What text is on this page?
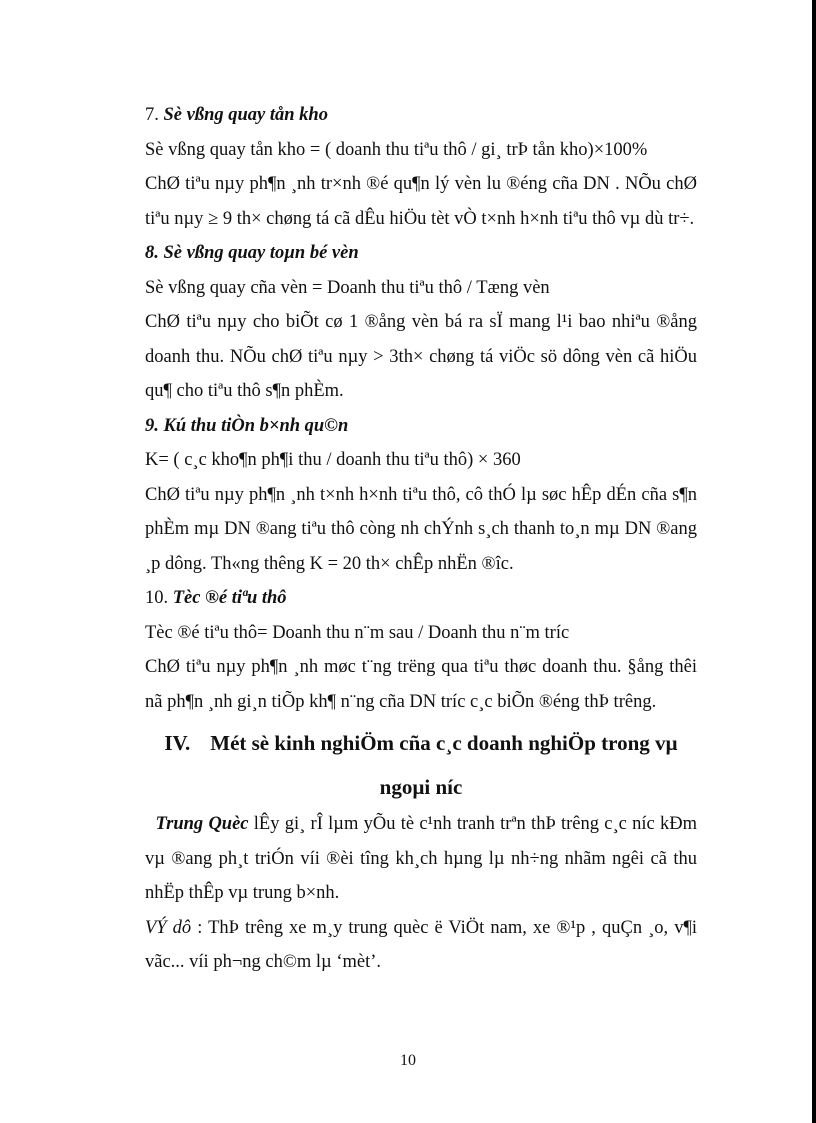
7. Sè vßng quay tån kho

Sè vßng quay tån kho = ( doanh thu tiªu thô / gi¸ trÞ tån kho)×100%

ChØ tiªu nµy ph¶n ¸nh tr×nh ®é qu¶n lý vèn lu ®éng cña DN . NÕu chØ tiªu nµy ≥ 9 th× chøng tá cã dÊu hiÖu tèt vÒ t×nh h×nh tiªu thô vµ dù tr÷.

8. Sè vßng quay toµn bé vèn

Sè vßng quay cña vèn = Doanh thu tiªu thô / Tæng vèn

ChØ tiªu nµy cho biÕt cø 1 ®ång vèn bá ra sÏ mang l¹i bao nhiªu ®ång doanh thu. NÕu chØ tiªu nµy > 3th× chøng tá viÖc sö dông vèn cã hiÖu qu¶ cho tiªu thô s¶n phÈm.

9. Kú thu tiÒn b×nh qu©n

K= ( c¸c kho¶n ph¶i thu / doanh thu tiªu thô) × 360

ChØ tiªu nµy ph¶n ¸nh t×nh h×nh tiªu thô, cô thÓ lµ søc hÊp dÉn cña s¶n phÈm mµ DN ®ang tiªu thô còng nh chÝnh s¸ch thanh to¸n mµ DN ®ang ¸p dông. Th«ng thêng K = 20 th× chÊp nhËn ®îc.

10. Tèc ®é tiªu thô

Tèc ®é tiªu thô= Doanh thu n¨m sau / Doanh thu n¨m tríc

ChØ tiªu nµy ph¶n ¸nh møc t¨ng trëng qua tiªu thøc doanh thu. §ång thêi nã ph¶n ¸nh gi¸n tiÕp kh¶ n¨ng cña DN tríc c¸c biÕn ®éng thÞ trêng.

IV. Mét sè kinh nghiÖm cña c¸c doanh nghiÖp trong vµ
ngoµi níc

Trung Quèc lÊy gi¸ rÎ lµm yÕu tè c¹nh tranh trªn thÞ trêng c¸c níc kÐm vµ ®ang ph¸t triÓn víi ®èi tîng kh¸ch hµng lµ nh÷ng nhãm ngêi cã thu nhËp thÊp vµ trung b×nh.

VÝ dô : ThÞ trêng xe m¸y trung quèc ë ViÖt nam, xe ®¹p , quÇn ¸o, v¶i vãc... víi ph¬ng ch©m lµ ‘mèt’.

10
